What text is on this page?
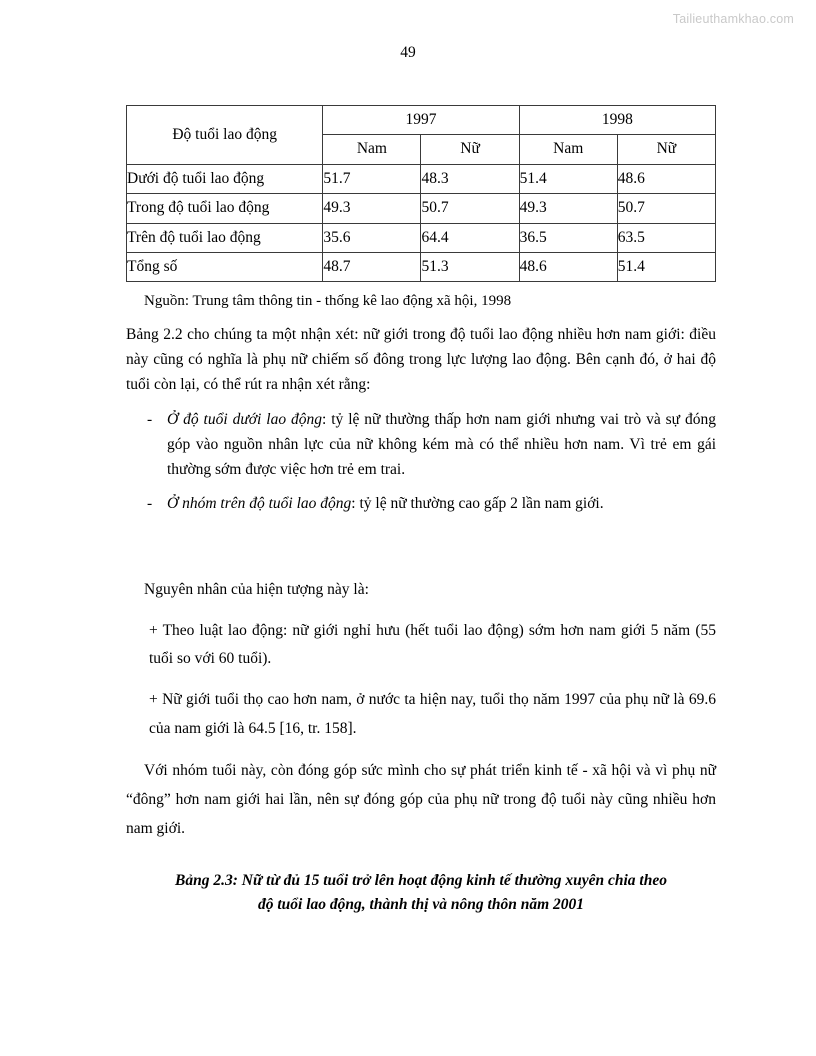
Tailieuthamkhao.com
49
Độ tuổi lao động	1997		1998	
	Nam	Nữ	Nam	Nữ
Dưới độ tuổi lao động	51.7	48.3	51.4	48.6
Trong độ tuổi lao động	49.3	50.7	49.3	50.7
Trên độ tuổi lao động	35.6	64.4	36.5	63.5
Tổng số	48.7	51.3	48.6	51.4
Nguồn: Trung tâm thông tin - thống kê lao động xã hội, 1998

Bảng 2.2 cho chúng ta một nhận xét: nữ giới trong độ tuổi lao động nhiều hơn nam giới: điều này cũng có nghĩa là phụ nữ chiếm số đông trong lực lượng lao động. Bên cạnh đó, ở hai độ tuổi còn lại, có thể rút ra nhận xét rằng:

- Ở độ tuổi dưới lao động: tỷ lệ nữ thường thấp hơn nam giới nhưng vai trò và sự đóng góp vào nguồn nhân lực của nữ không kém mà có thể nhiều hơn nam. Vì trẻ em gái thường sớm được việc hơn trẻ em trai.
- Ở nhóm trên độ tuổi lao động: tỷ lệ nữ thường cao gấp 2 lần nam giới.

Nguyên nhân của hiện tượng này là:

+ Theo luật lao động: nữ giới nghỉ hưu (hết tuổi lao động) sớm hơn nam giới 5 năm (55 tuổi so với 60 tuổi).

+ Nữ giới tuổi thọ cao hơn nam, ở nước ta hiện nay, tuổi thọ năm 1997 của phụ nữ là 69.6 của nam giới là 64.5 [16, tr. 158].

Với nhóm tuổi này, còn đóng góp sức mình cho sự phát triển kinh tế - xã hội và vì phụ nữ “đông” hơn nam giới hai lần, nên sự đóng góp của phụ nữ trong độ tuổi này cũng nhiều hơn nam giới.

Bảng 2.3: Nữ từ đủ 15 tuổi trở lên hoạt động kinh tế thường xuyên chia theo
độ tuổi lao động, thành thị và nông thôn năm 2001
